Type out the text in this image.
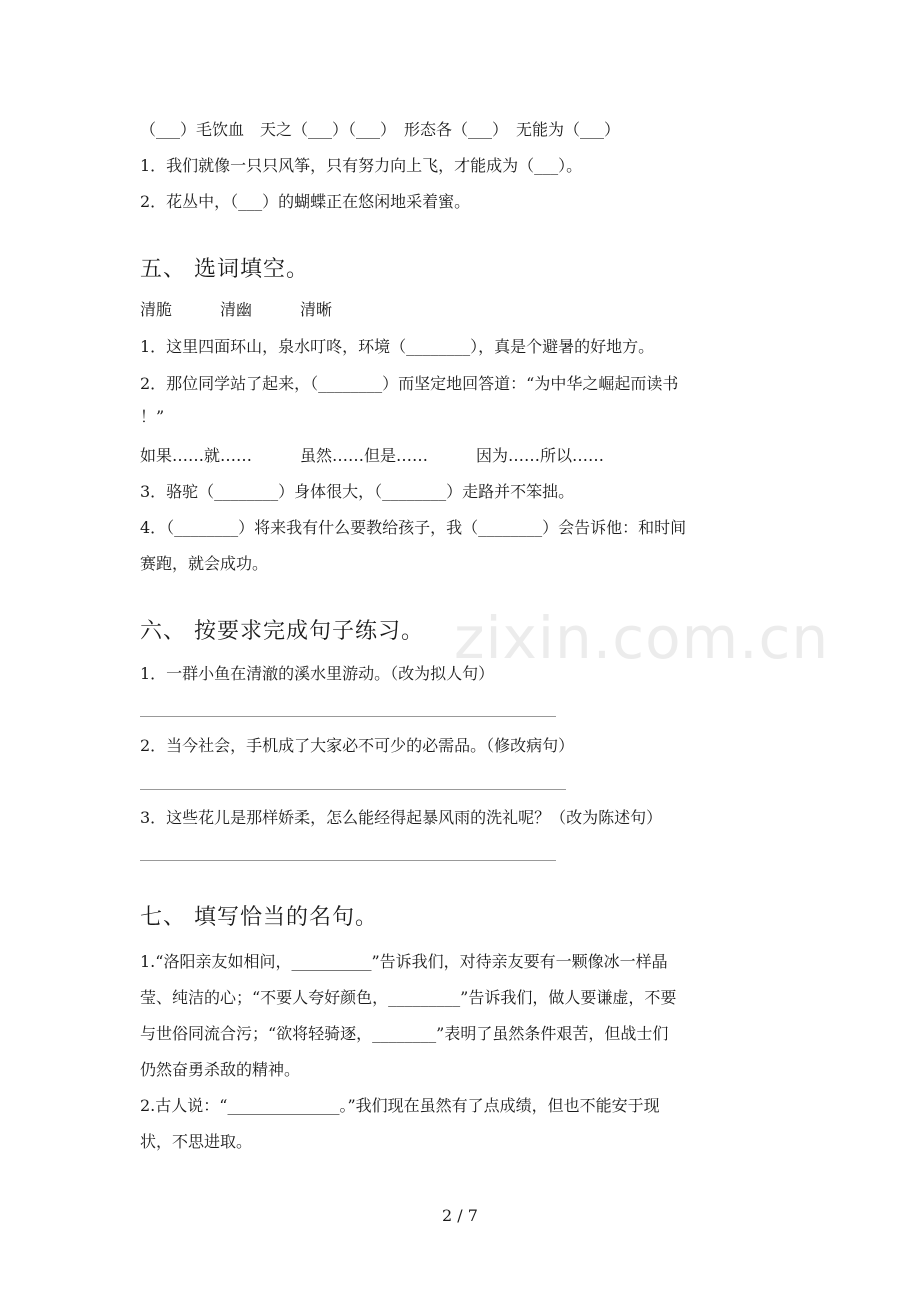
zixin.com.cn
（___）毛饮血　天之（___）（___）　形态各（___）　无能为（___）
1．我们就像一只只风筝，只有努力向上飞，才能成为（___）。
2．花丛中，（___）的蝴蝶正在悠闲地采着蜜。
五、 选词填空。
清脆　　　清幽　　　清晰
1．这里四面环山，泉水叮咚，环境（________），真是个避暑的好地方。
2．那位同学站了起来，（________）而坚定地回答道：“为中华之崛起而读书
！”
如果……就……　　　虽然……但是……　　　因为……所以……
3．骆驼（________）身体很大，（________）走路并不笨拙。
4．（________）将来我有什么要教给孩子，我（________）会告诉他：和时间
赛跑，就会成功。
六、 按要求完成句子练习。
1．一群小鱼在清澈的溪水里游动。（改为拟人句）
2．当今社会，手机成了大家必不可少的必需品。（修改病句）
3．这些花儿是那样娇柔，怎么能经得起暴风雨的洗礼呢？（改为陈述句）
七、 填写恰当的名句。
1.“洛阳亲友如相问，__________”告诉我们，对待亲友要有一颗像冰一样晶
莹、纯洁的心；“不要人夸好颜色，_________”告诉我们，做人要谦虚，不要
与世俗同流合污；“欲将轻骑逐，________”表明了虽然条件艰苦，但战士们
仍然奋勇杀敌的精神。
2.古人说：“______________。”我们现在虽然有了点成绩，但也不能安于现
状，不思进取。
2 / 7
